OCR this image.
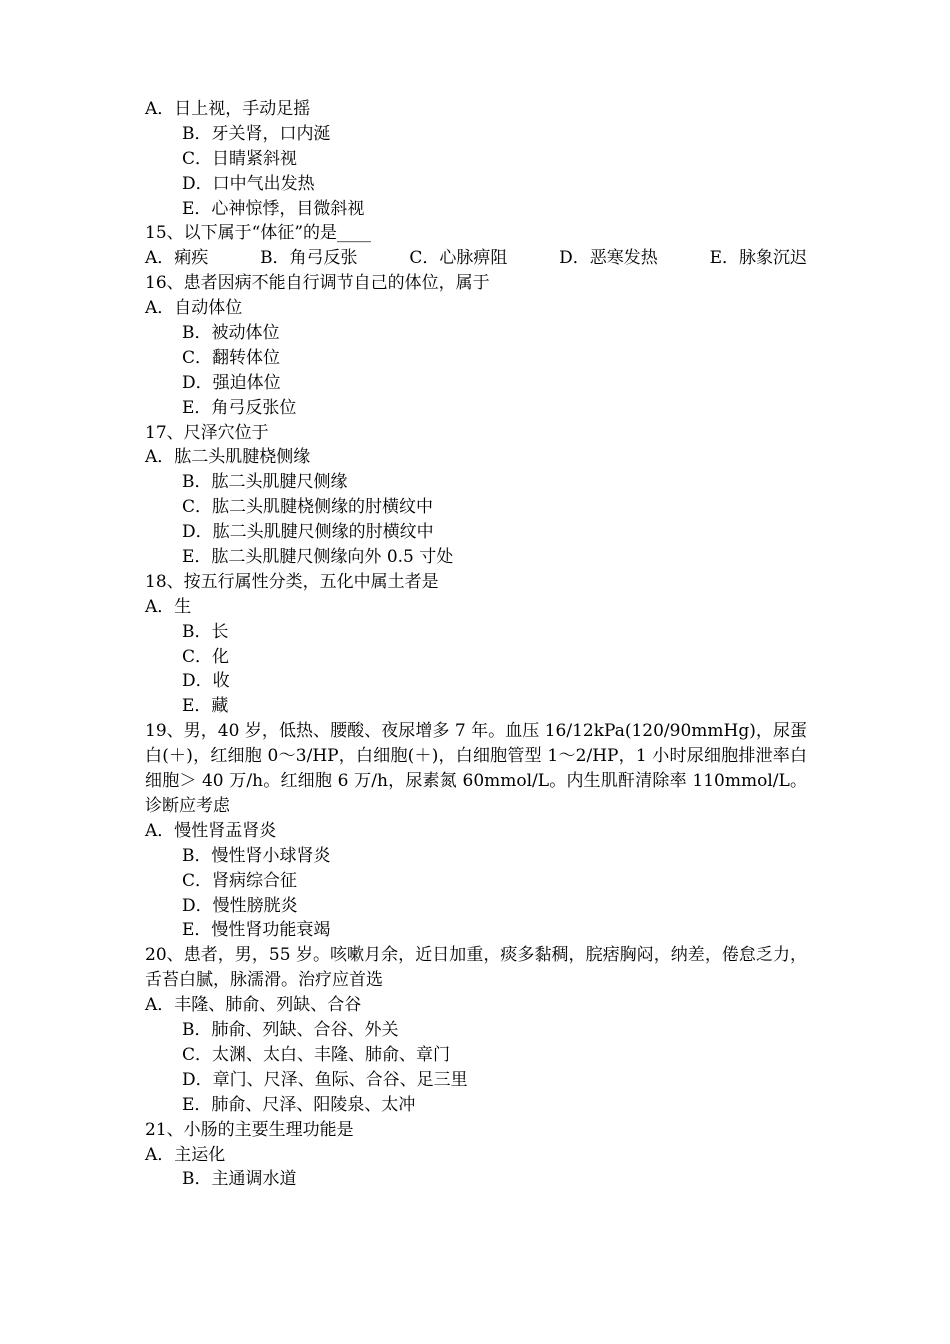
A．日上视，手动足摇
B．牙关肾，口内涎
C．日睛紧斜视
D．口中气出发热
E．心神惊悸，目微斜视
15、以下属于“体征”的是____
A．痢疾	B．角弓反张	C．心脉痹阻	D．恶寒发热	E．脉象沉迟
16、患者因病不能自行调节自己的体位，属于
A．自动体位
B．被动体位
C．翻转体位
D．强迫体位
E．角弓反张位
17、尺泽穴位于
A．肱二头肌腱桡侧缘
B．肱二头肌腱尺侧缘
C．肱二头肌腱桡侧缘的肘横纹中
D．肱二头肌腱尺侧缘的肘横纹中
E．肱二头肌腱尺侧缘向外 0.5 寸处
18、按五行属性分类，五化中属土者是
A．生
B．长
C．化
D．收
E．藏
19、男，40 岁，低热、腰酸、夜尿增多 7 年。血压 16/12kPa(120/90mmHg)，尿蛋白(＋)，红细胞 0～3/HP，白细胞(＋)，白细胞管型 1～2/HP，1 小时尿细胞排泄率白细胞＞ 40 万/h。红细胞 6 万/h，尿素氮 60mmol/L。内生肌酐清除率 110mmol/L。诊断应考虑
A．慢性肾盂肾炎
B．慢性肾小球肾炎
C．肾病综合征
D．慢性膀胱炎
E．慢性肾功能衰竭
20、患者，男，55 岁。咳嗽月余，近日加重，痰多黏稠，脘痞胸闷，纳差，倦怠乏力，舌苔白腻，脉濡滑。治疗应首选
A．丰隆、肺俞、列缺、合谷
B．肺俞、列缺、合谷、外关
C．太渊、太白、丰隆、肺俞、章门
D．章门、尺泽、鱼际、合谷、足三里
E．肺俞、尺泽、阳陵泉、太冲
21、小肠的主要生理功能是
A．主运化
B．主通调水道
